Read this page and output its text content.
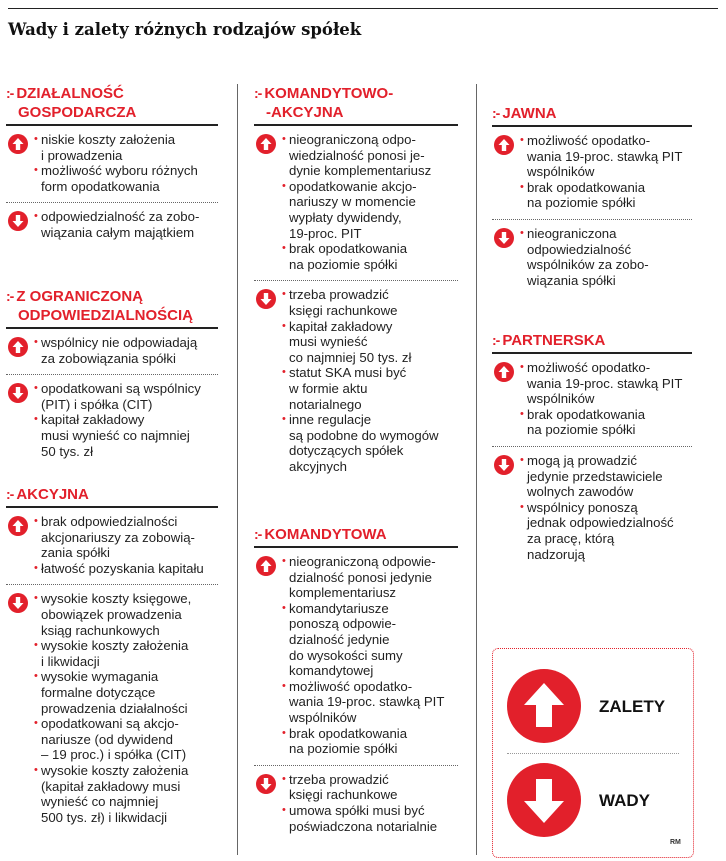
Wady i zalety różnych rodzajów spółek
:- DZIAŁALNOŚĆ
GOSPODARCZA
• niskie koszty założenia
i prowadzenia
• możliwość wyboru różnych
form opodatkowania
• odpowiedzialność za zobo-
wiązania całym majątkiem
:- Z OGRANICZONĄ
ODPOWIEDZIALNOŚCIĄ
• wspólnicy nie odpowiadają
za zobowiązania spółki
• opodatkowani są wspólnicy
(PIT) i spółka (CIT)
• kapitał zakładowy
musi wynieść co najmniej
50 tys. zł
:- AKCYJNA
• brak odpowiedzialności
akcjonariuszy za zobowią-
zania spółki
• łatwość pozyskania kapitału
• wysokie koszty księgowe,
obowiązek prowadzenia
ksiąg rachunkowych
• wysokie koszty założenia
i likwidacji
• wysokie wymagania
formalne dotyczące
prowadzenia działalności
• opodatkowani są akcjo-
nariusze (od dywidend
– 19 proc.) i spółka (CIT)
• wysokie koszty założenia
(kapitał zakładowy musi
wynieść co najmniej
500 tys. zł) i likwidacji
:- KOMANDYTOWO-
-AKCYJNA
• nieograniczoną odpo-
wiedzialność ponosi je-
dynie komplementariusz
• opodatkowanie akcjo-
nariuszy w momencie
wypłaty dywidendy,
19-proc. PIT
• brak opodatkowania
na poziomie spółki
• trzeba prowadzić
księgi rachunkowe
• kapitał zakładowy
musi wynieść
co najmniej 50 tys. zł
• statut SKA musi być
w formie aktu
notarialnego
• inne regulacje
są podobne do wymogów
dotyczących spółek
akcyjnych
:- KOMANDYTOWA
• nieograniczoną odpowie-
dzialność ponosi jedynie
komplementariusz
• komandytariusze
ponoszą odpowie-
dzialność jedynie
do wysokości sumy
komandytowej
• możliwość opodatko-
wania 19-proc. stawką PIT
wspólników
• brak opodatkowania
na poziomie spółki
• trzeba prowadzić
księgi rachunkowe
• umowa spółki musi być
poświadczona notarialnie
:- JAWNA
• możliwość opodatko-
wania 19-proc. stawką PIT
wspólników
• brak opodatkowania
na poziomie spółki
• nieograniczona
odpowiedzialność
wspólników za zobo-
wiązania spółki
:- PARTNERSKA
• możliwość opodatko-
wania 19-proc. stawką PIT
wspólników
• brak opodatkowania
na poziomie spółki
• mogą ją prowadzić
jedynie przedstawiciele
wolnych zawodów
• wspólnicy ponoszą
jednak odpowiedzialność
za pracę, którą
nadzorują
ZALETY
WADY
RM
